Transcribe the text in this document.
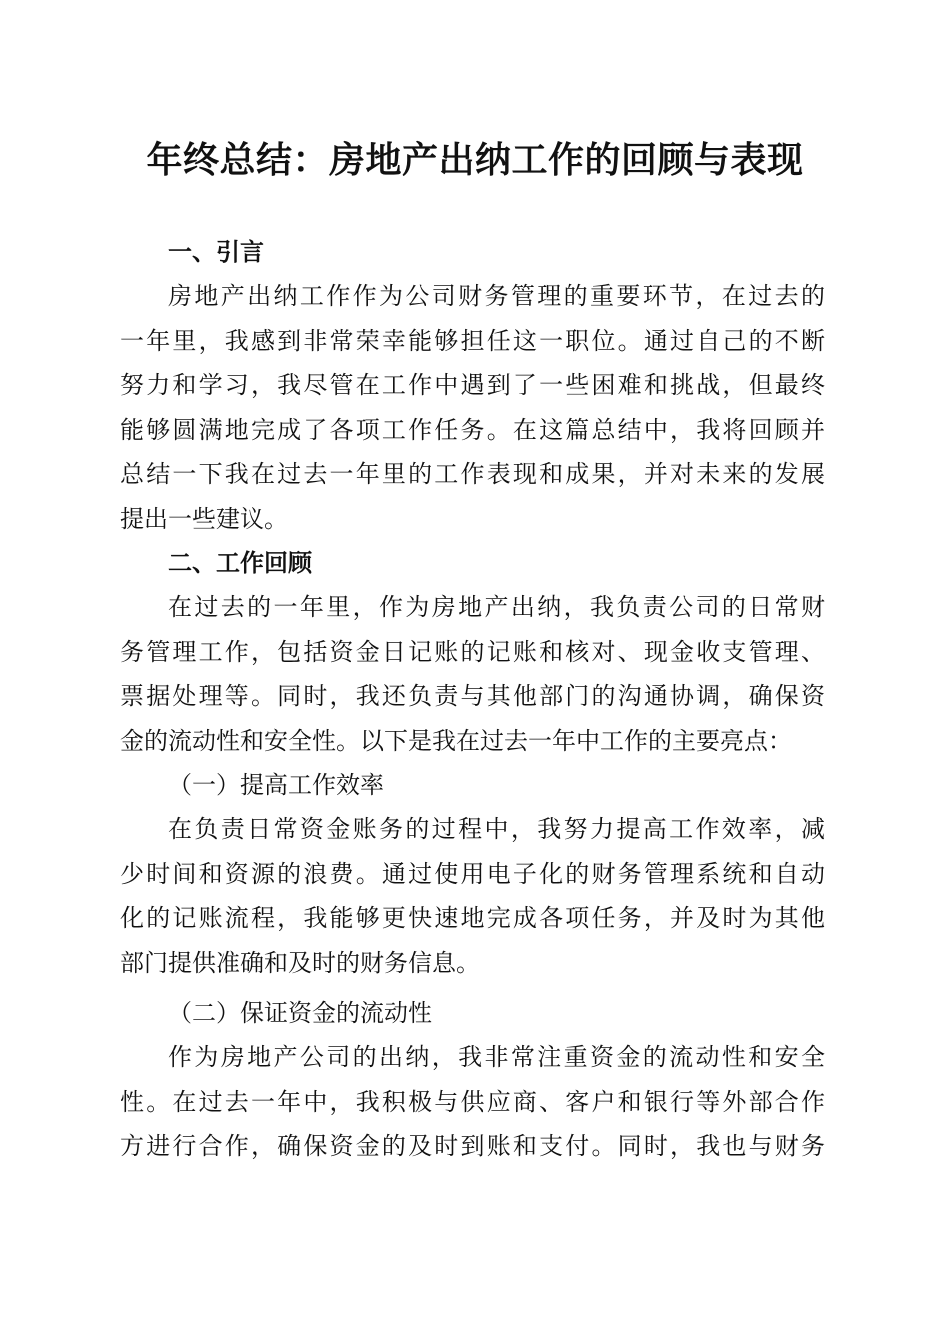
年终总结：房地产出纳工作的回顾与表现
一、引言
房地产出纳工作作为公司财务管理的重要环节，在过去的
一年里，我感到非常荣幸能够担任这一职位。通过自己的不断
努力和学习，我尽管在工作中遇到了一些困难和挑战，但最终
能够圆满地完成了各项工作任务。在这篇总结中，我将回顾并
总结一下我在过去一年里的工作表现和成果，并对未来的发展
提出一些建议。
二、工作回顾
在过去的一年里，作为房地产出纳，我负责公司的日常财
务管理工作，包括资金日记账的记账和核对、现金收支管理、
票据处理等。同时，我还负责与其他部门的沟通协调，确保资
金的流动性和安全性。以下是我在过去一年中工作的主要亮点：
（一）提高工作效率
在负责日常资金账务的过程中，我努力提高工作效率，减
少时间和资源的浪费。通过使用电子化的财务管理系统和自动
化的记账流程，我能够更快速地完成各项任务，并及时为其他
部门提供准确和及时的财务信息。
（二）保证资金的流动性
作为房地产公司的出纳，我非常注重资金的流动性和安全
性。在过去一年中，我积极与供应商、客户和银行等外部合作
方进行合作，确保资金的及时到账和支付。同时，我也与财务
